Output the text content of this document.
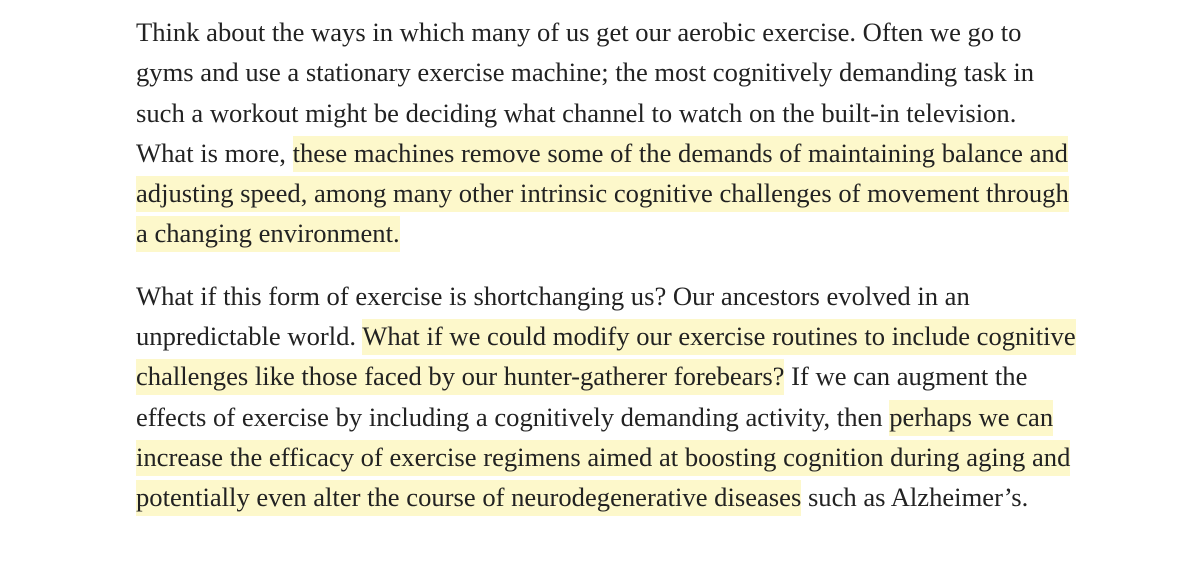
Think about the ways in which many of us get our aerobic exercise. Often we go to gyms and use a stationary exercise machine; the most cognitively demanding task in such a workout might be deciding what channel to watch on the built-in television. What is more, these machines remove some of the demands of maintaining balance and adjusting speed, among many other intrinsic cognitive challenges of movement through a changing environment.

What if this form of exercise is shortchanging us? Our ancestors evolved in an unpredictable world. What if we could modify our exercise routines to include cognitive challenges like those faced by our hunter-gatherer forebears? If we can augment the effects of exercise by including a cognitively demanding activity, then perhaps we can increase the efficacy of exercise regimens aimed at boosting cognition during aging and potentially even alter the course of neurodegenerative diseases such as Alzheimer’s.
